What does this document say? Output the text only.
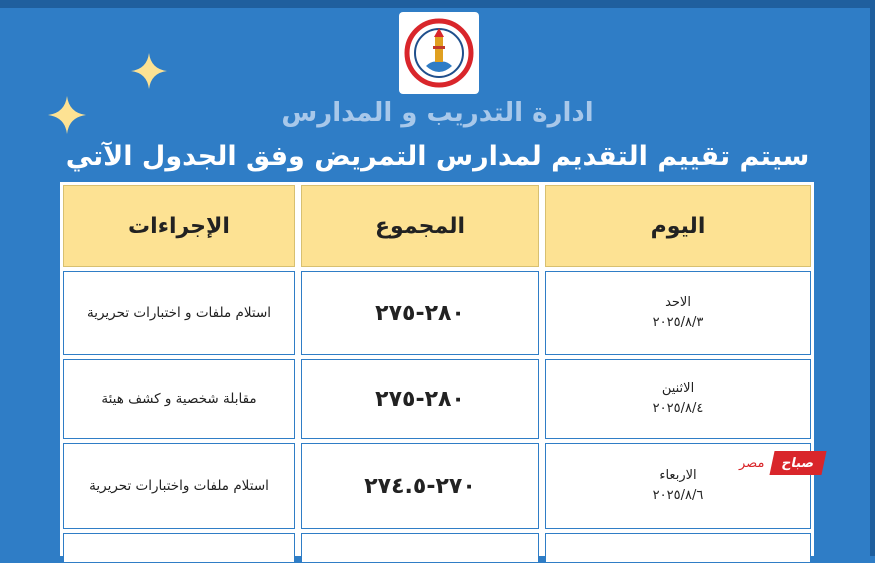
ادارة التدريب و المدارس
سيتم تقييم التقديم لمدارس التمريض وفق الجدول الآتي
الإجراءات	المجموع	اليوم
استلام ملفات و اختبارات تحريرية	٢٨٠-٢٧٥	الاحد
٢٠٢٥/٨/٣
مقابلة شخصية و كشف هيئة	٢٨٠-٢٧٥	الاثنين
٢٠٢٥/٨/٤
استلام ملفات واختبارات تحريرية	٢٧٠-٢٧٤.٥	الاربعاء
٢٠٢٥/٨/٦
صباح
مصر
